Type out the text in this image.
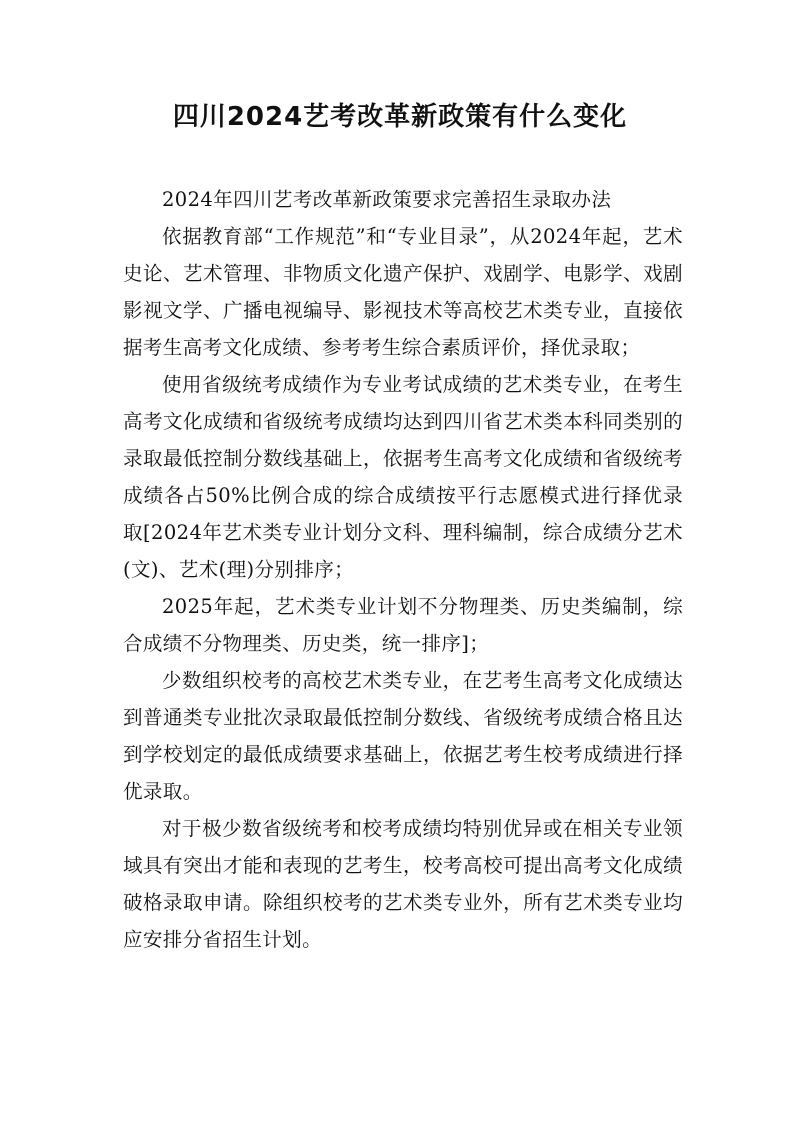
四川2024艺考改革新政策有什么变化

2024年四川艺考改革新政策要求完善招生录取办法

依据教育部“工作规范”和“专业目录”，从2024年起，艺术史论、艺术管理、非物质文化遗产保护、戏剧学、电影学、戏剧影视文学、广播电视编导、影视技术等高校艺术类专业，直接依据考生高考文化成绩、参考考生综合素质评价，择优录取；

使用省级统考成绩作为专业考试成绩的艺术类专业，在考生高考文化成绩和省级统考成绩均达到四川省艺术类本科同类别的录取最低控制分数线基础上，依据考生高考文化成绩和省级统考成绩各占50%比例合成的综合成绩按平行志愿模式进行择优录取[2024年艺术类专业计划分文科、理科编制，综合成绩分艺术(文)、艺术(理)分别排序；

2025年起，艺术类专业计划不分物理类、历史类编制，综合成绩不分物理类、历史类，统一排序]；

少数组织校考的高校艺术类专业，在艺考生高考文化成绩达到普通类专业批次录取最低控制分数线、省级统考成绩合格且达到学校划定的最低成绩要求基础上，依据艺考生校考成绩进行择优录取。

对于极少数省级统考和校考成绩均特别优异或在相关专业领域具有突出才能和表现的艺考生，校考高校可提出高考文化成绩破格录取申请。除组织校考的艺术类专业外，所有艺术类专业均应安排分省招生计划。
